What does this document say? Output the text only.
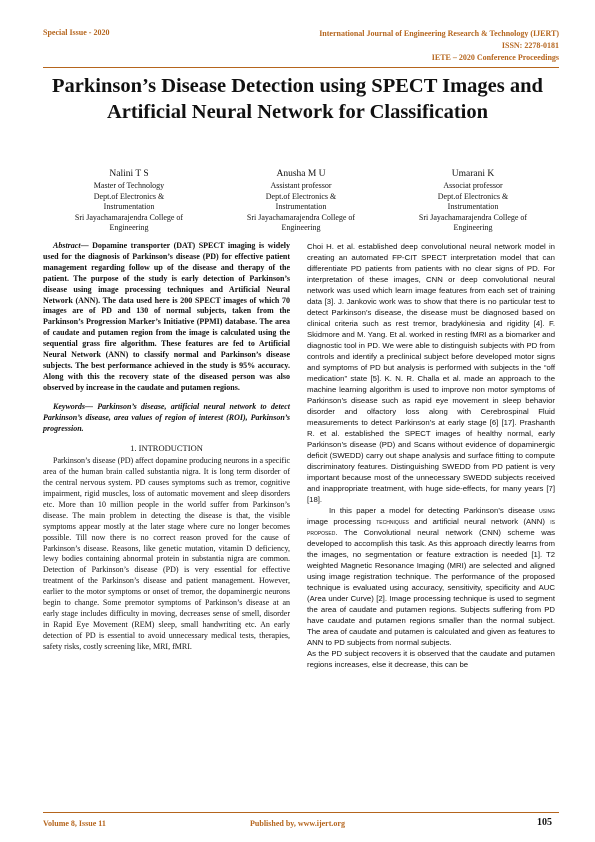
Special Issue - 2020	International Journal of Engineering Research & Technology (IJERT)
ISSN: 2278-0181
IETE – 2020 Conference Proceedings
Parkinson’s Disease Detection using SPECT Images and Artificial Neural Network for Classification
Nalini T S
Master of Technology
Dept.of Electronics &
Instrumentation
Sri Jayachamarajendra College of
Engineering
Anusha M U
Assistant professor
Dept.of Electronics &
Instrumentation
Sri Jayachamarajendra College of
Engineering
Umarani K
Associat professor
Dept.of Electronics &
Instrumentation
Sri Jayachamarajendra College of
Engineering

Abstract— Dopamine transporter (DAT) SPECT imaging is widely used for the diagnosis of Parkinson’s disease (PD) for effective patient management regarding follow up of the disease and therapy of the patient. The purpose of the study is early detection of Parkinson’s disease using image processing techniques and Artificial Neural Network (ANN). The data used here is 200 SPECT images of which 70 images are of PD and 130 of normal subjects, taken from the Parkinson’s Progression Marker’s Initiative (PPMI) database. The area of caudate and putamen region from the image is calculated using the sequential grass fire algorithm. These features are fed to Artificial Neural Network (ANN) to classify normal and Parkinson’s disease subjects. The best performance achieved in the study is 95% accuracy. Along with this the recovery state of the diseased person was also observed by increase in the caudate and putamen regions.

Keywords— Parkinson’s disease, artificial neural network to detect Parkinson’s disease, area values of region of interest (ROI), Parkinson’s progression.

1. INTRODUCTION

Parkinson’s disease (PD) affect dopamine producing neurons in a specific area of the human brain called substantia nigra. It is long term disorder of the central nervous system. PD causes symptoms such as tremor, cognitive impairment, rigid muscles, loss of automatic movement and sleep disorders etc. More than 10 million people in the world suffer from Parkinson’s disease. The main problem in detecting the disease is that, the visible symptoms appear mostly at the later stage where cure no longer becomes possible. Till now there is no correct reason proved for the cause of Parkinson’s disease. Reasons, like genetic mutation, vitamin D deficiency, lewy bodies containing abnormal protein in substantia nigra are common. Detection of Parkinson’s disease (PD) is very essential for effective treatment of the Parkinson’s disease and patient management. However, earlier to the motor symptoms or onset of tremor, the dopaminergic neurons begin to change. Some premotor symptoms of Parkinson’s disease at an early stage includes difficulty in moving, decreases sense of smell, disorder in Rapid Eye Movement (REM) sleep, small handwriting etc. An early detection of PD is essential to avoid unnecessary medical tests, therapies, safety risks, costly screening like, MRI, fMRI.

Choi H. et al. established deep convolutional neural network model in creating an automated FP-CIT SPECT interpretation model that can differentiate PD patients from patients with no clear signs of PD. For interpretation of these images, CNN or deep convolutional neural network was used which learn image features from each set of training data [3]. J. Jankovic work was to show that there is no particular test to detect Parkinson’s disease, the disease must be diagnosed based on clinical criteria such as rest tremor, bradykinesia and rigidity [4]. F. Skidmore and M. Yang. Et al. worked in resting fMRI as a biomarker and diagnostic tool in PD. We were able to distinguish subjects with PD from controls and identify a preclinical subject before developed motor signs and symptoms of PD but analysis is performed with subjects in the “off medication” state [5]. K. N. R. Challa et al. made an approach to the machine learning algorithm is used to improve non motor symptoms of Parkinson’s disease such as rapid eye movement in sleep behavior disorder and olfactory loss along with Cerebrospinal Fluid measurements to detect Parkinson’s at early stage [6] [17]. Prashanth R. et al. established the SPECT images of healthy normal, early Parkinson’s disease (PD) and Scans without evidence of dopaminergic deficit (SWEDD) carry out shape analysis and surface fitting to compute discriminatory features. Distinguishing SWEDD from PD patient is very important because most of the unnecessary SWEDD subjects received and inappropriate treatment, with huge side-effects, for many years [7][18].

In this paper a model for detecting Parkinson’s disease using image processing techniques and artificial neural network (ANN) is proposed. The Convolutional neural network (CNN) scheme was developed to accomplish this task. As this approach directly learns from the images, no segmentation or feature extraction is needed [1]. T2 weighted Magnetic Resonance Imaging (MRI) are selected and aligned using image registration technique. The performance of the proposed technique is evaluated using accuracy, sensitivity, specificity and AUC (Area under Curve) [2]. Image processing technique is used to segment the area of caudate and putamen regions. Subjects suffering from PD have caudate and putamen regions smaller than the normal subject. The area of caudate and putamen is calculated and given as features to ANN to PD subjects from normal subjects.

As the PD subject recovers it is observed that the caudate and putamen regions increases, else it decrease, this can be

Volume 8, Issue 11	Published by, www.ijert.org	105
